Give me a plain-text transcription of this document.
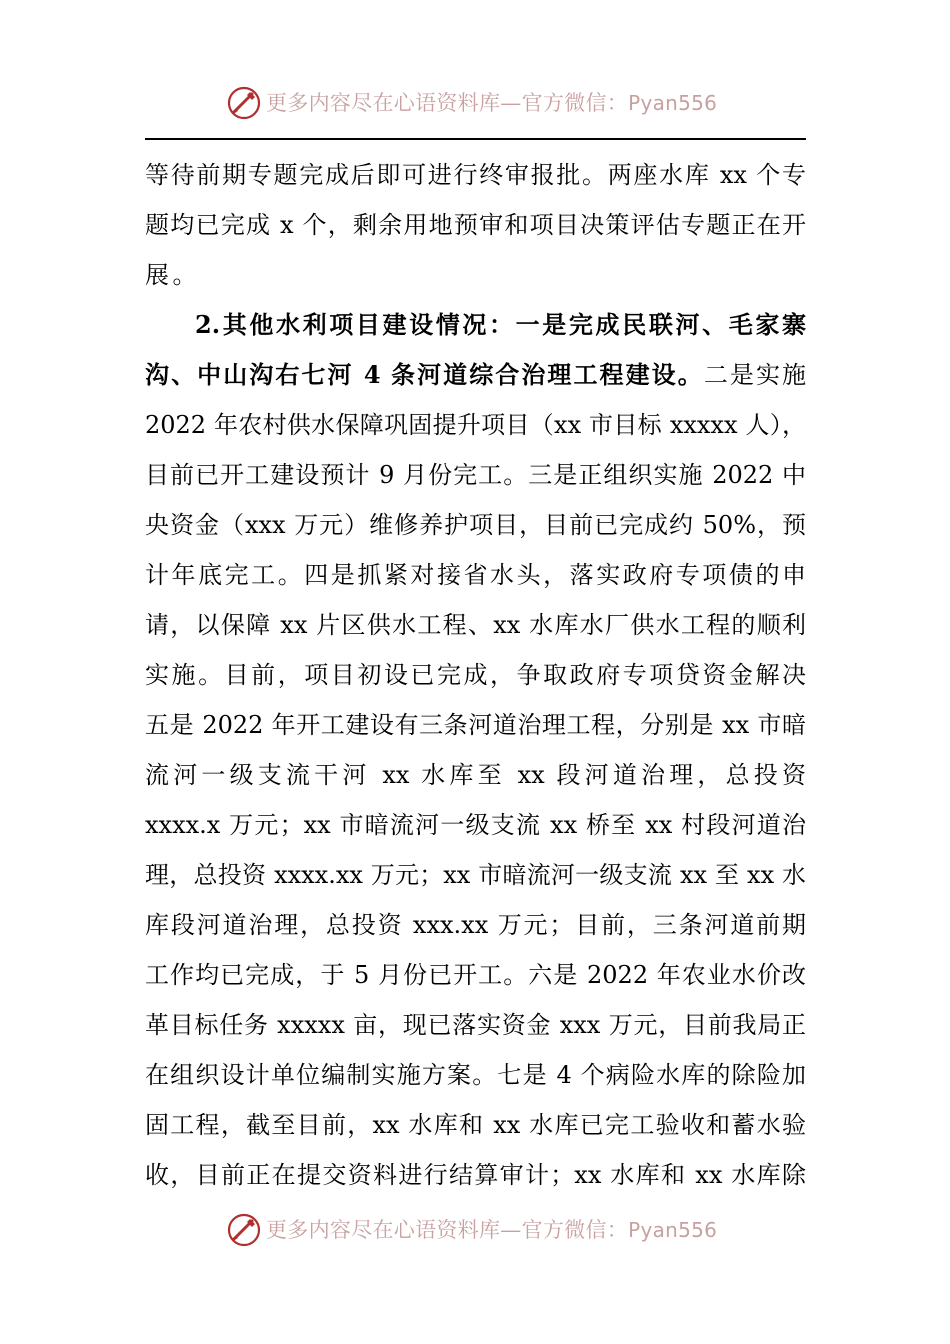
更多内容尽在心语资料库—官方微信：Pyan556
等待前期专题完成后即可进行终审报批。两座水库 xx 个专
题均已完成 x 个，剩余用地预审和项目决策评估专题正在开
展。
2.其他水利项目建设情况：一是完成民联河、毛家寨
沟、中山沟右七河 4 条河道综合治理工程建设。二是实施
2022 年农村供水保障巩固提升项目（xx 市目标 xxxxx 人），
目前已开工建设预计 9 月份完工。三是正组织实施 2022 中
央资金（xxx 万元）维修养护项目，目前已完成约 50%，预
计年底完工。四是抓紧对接省水头，落实政府专项债的申
请，以保障 xx 片区供水工程、xx 水库水厂供水工程的顺利
实施。目前，项目初设已完成，争取政府专项贷资金解决
五是 2022 年开工建设有三条河道治理工程，分别是 xx 市暗
流河一级支流干河 xx 水库至 xx 段河道治理，总投资
xxxx.x 万元；xx 市暗流河一级支流 xx 桥至 xx 村段河道治
理，总投资 xxxx.xx 万元；xx 市暗流河一级支流 xx 至 xx 水
库段河道治理，总投资 xxx.xx 万元；目前，三条河道前期
工作均已完成，于 5 月份已开工。六是 2022 年农业水价改
革目标任务 xxxxx 亩，现已落实资金 xxx 万元，目前我局正
在组织设计单位编制实施方案。七是 4 个病险水库的除险加
固工程，截至目前，xx 水库和 xx 水库已完工验收和蓄水验
收，目前正在提交资料进行结算审计；xx 水库和 xx 水库除
更多内容尽在心语资料库—官方微信：Pyan556
